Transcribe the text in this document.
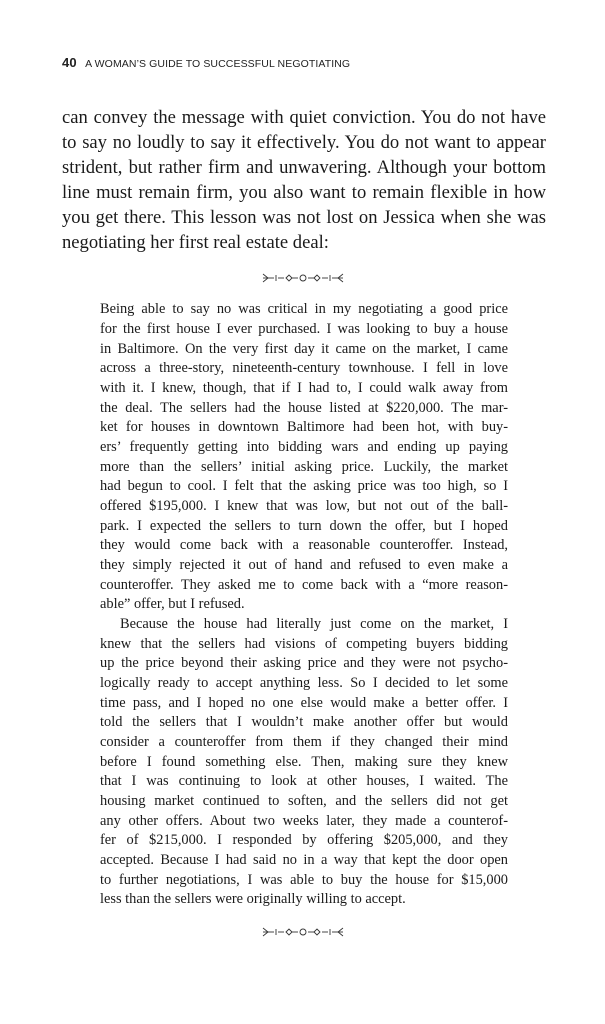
40 A WOMAN’S GUIDE TO SUCCESSFUL NEGOTIATING
can convey the message with quiet conviction. You do not have
to say no loudly to say it effectively. You do not want to appear
strident, but rather firm and unwavering. Although your bottom
line must remain firm, you also want to remain flexible in how
you get there. This lesson was not lost on Jessica when she was
negotiating her first real estate deal:
Being able to say no was critical in my negotiating a good price
for the first house I ever purchased. I was looking to buy a house
in Baltimore. On the very first day it came on the market, I came
across a three-story, nineteenth-century townhouse. I fell in love
with it. I knew, though, that if I had to, I could walk away from
the deal. The sellers had the house listed at $220,000. The mar-
ket for houses in downtown Baltimore had been hot, with buy-
ers’ frequently getting into bidding wars and ending up paying
more than the sellers’ initial asking price. Luckily, the market
had begun to cool. I felt that the asking price was too high, so I
offered $195,000. I knew that was low, but not out of the ball-
park. I expected the sellers to turn down the offer, but I hoped
they would come back with a reasonable counteroffer. Instead,
they simply rejected it out of hand and refused to even make a
counteroffer. They asked me to come back with a “more reason-
able” offer, but I refused.
Because the house had literally just come on the market, I
knew that the sellers had visions of competing buyers bidding
up the price beyond their asking price and they were not psycho-
logically ready to accept anything less. So I decided to let some
time pass, and I hoped no one else would make a better offer. I
told the sellers that I wouldn’t make another offer but would
consider a counteroffer from them if they changed their mind
before I found something else. Then, making sure they knew
that I was continuing to look at other houses, I waited. The
housing market continued to soften, and the sellers did not get
any other offers. About two weeks later, they made a counterof-
fer of $215,000. I responded by offering $205,000, and they
accepted. Because I had said no in a way that kept the door open
to further negotiations, I was able to buy the house for $15,000
less than the sellers were originally willing to accept.
